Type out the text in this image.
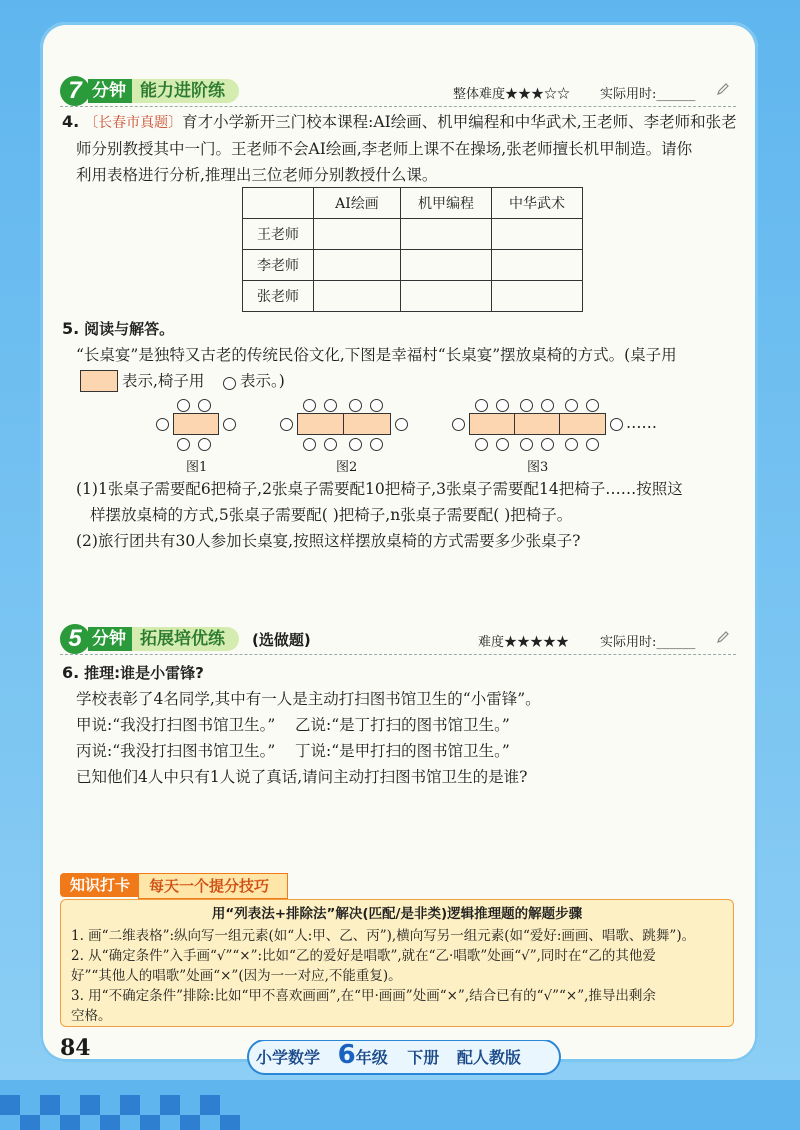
7 分钟 能力进阶练	整体难度★★★☆☆ 实际用时:______
4. 〔长春市真题〕育才小学新开三门校本课程:AI绘画、机甲编程和中华武术,王老师、李老师和张老
师分别教授其中一门。王老师不会AI绘画,李老师上课不在操场,张老师擅长机甲制造。请你
利用表格进行分析,推理出三位老师分别教授什么课。
	AI绘画	机甲编程	中华武术
王老师			
李老师			
张老师			
5. 阅读与解答。
“长桌宴”是独特又古老的传统民俗文化,下图是幸福村“长桌宴”摆放桌椅的方式。(桌子用
表示,椅子用 表示。)
图1	图2
……
图3
(1)1张桌子需要配6把椅子,2张桌子需要配10把椅子,3张桌子需要配14把椅子……按照这
样摆放桌椅的方式,5张桌子需要配( )把椅子,n张桌子需要配( )把椅子。
(2)旅行团共有30人参加长桌宴,按照这样摆放桌椅的方式需要多少张桌子?
5 分钟 拓展培优练	(选做题)	难度★★★★★ 实际用时:______
6. 推理:谁是小雷锋?
学校表彰了4名同学,其中有一人是主动打扫图书馆卫生的“小雷锋”。
甲说:“我没打扫图书馆卫生。”    乙说:“是丁打扫的图书馆卫生。”
丙说:“我没打扫图书馆卫生。”    丁说:“是甲打扫的图书馆卫生。”
已知他们4人中只有1人说了真话,请问主动打扫图书馆卫生的是谁?
知识打卡	每天一个提分技巧
用“列表法+排除法”解决(匹配/是非类)逻辑推理题的解题步骤
1. 画“二维表格”:纵向写一组元素(如“人:甲、乙、丙”),横向写另一组元素(如“爱好:画画、唱歌、跳舞”)。
2. 从“确定条件”入手画“√”“×”:比如“乙的爱好是唱歌”,就在“乙·唱歌”处画“√”,同时在“乙的其他爱
好”“其他人的唱歌”处画“×”(因为一一对应,不能重复)。
3. 用“不确定条件”排除:比如“甲不喜欢画画”,在“甲·画画”处画“×”,结合已有的“√”“×”,推导出剩余
空格。
84	小学数学 6年级 下册 配人教版
